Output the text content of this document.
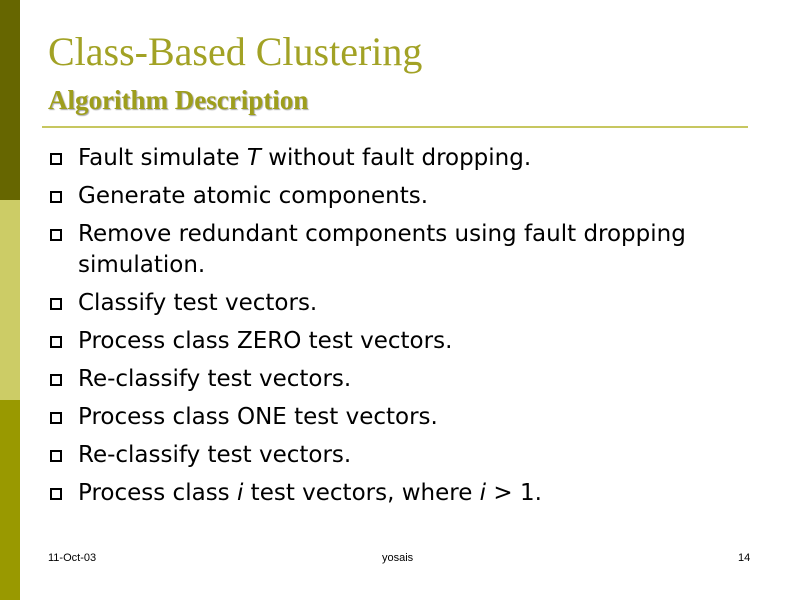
Class-Based Clustering
Algorithm Description
Fault simulate T without fault dropping.
Generate atomic components.
Remove redundant components using fault dropping simulation.
Classify test vectors.
Process class ZERO test vectors.
Re-classify test vectors.
Process class ONE test vectors.
Re-classify test vectors.
Process class i test vectors, where i > 1.
11-Oct-03	yosais	14
